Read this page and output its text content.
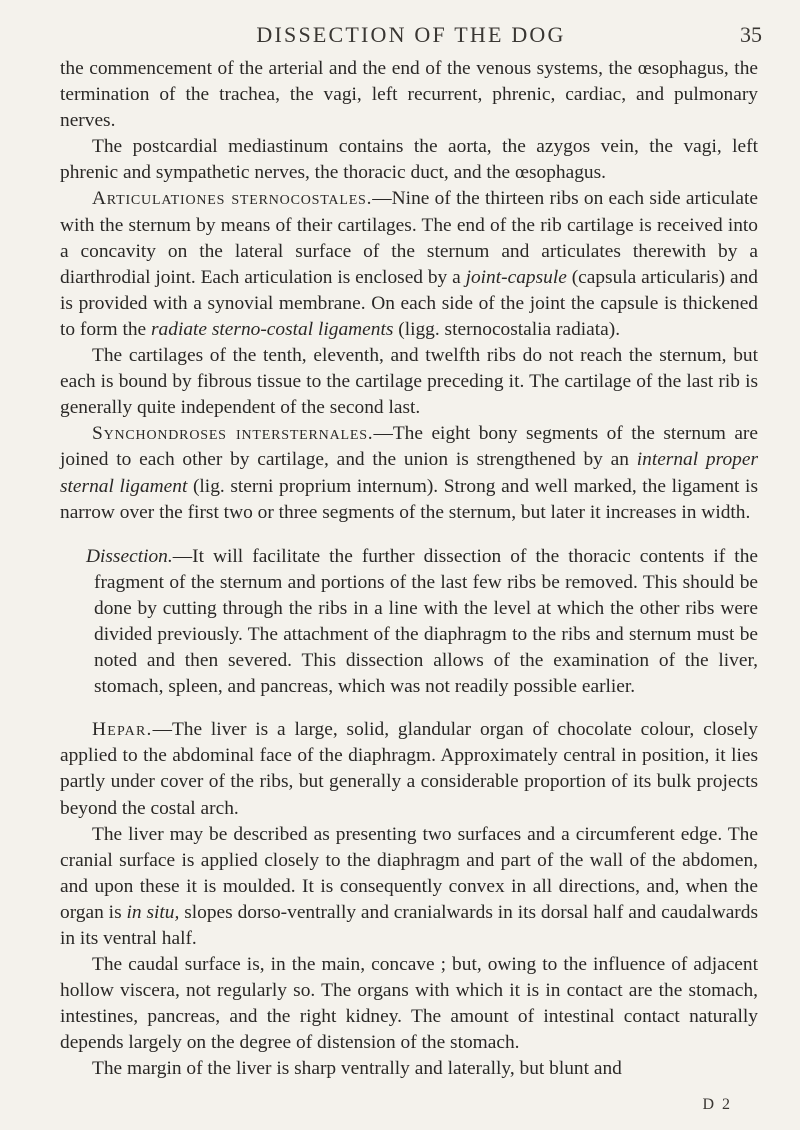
DISSECTION OF THE DOG	35

the commencement of the arterial and the end of the venous systems, the œsophagus, the termination of the trachea, the vagi, left recurrent, phrenic, cardiac, and pulmonary nerves.

The postcardial mediastinum contains the aorta, the azygos vein, the vagi, left phrenic and sympathetic nerves, the thoracic duct, and the œsophagus.

Articulationes sternocostales.—Nine of the thirteen ribs on each side articulate with the sternum by means of their cartilages. The end of the rib cartilage is received into a concavity on the lateral surface of the sternum and articulates therewith by a diarthrodial joint. Each articulation is enclosed by a joint-capsule (capsula articularis) and is provided with a synovial membrane. On each side of the joint the capsule is thickened to form the radiate sterno-costal ligaments (ligg. sternocostalia radiata).

The cartilages of the tenth, eleventh, and twelfth ribs do not reach the sternum, but each is bound by fibrous tissue to the cartilage preceding it. The cartilage of the last rib is generally quite independent of the second last.

Synchondroses intersternales.—The eight bony segments of the sternum are joined to each other by cartilage, and the union is strengthened by an internal proper sternal ligament (lig. sterni proprium internum). Strong and well marked, the ligament is narrow over the first two or three segments of the sternum, but later it increases in width.

Dissection.—It will facilitate the further dissection of the thoracic contents if the fragment of the sternum and portions of the last few ribs be removed. This should be done by cutting through the ribs in a line with the level at which the other ribs were divided previously. The attachment of the diaphragm to the ribs and sternum must be noted and then severed. This dissection allows of the examination of the liver, stomach, spleen, and pancreas, which was not readily possible earlier.

Hepar.—The liver is a large, solid, glandular organ of chocolate colour, closely applied to the abdominal face of the diaphragm. Approximately central in position, it lies partly under cover of the ribs, but generally a considerable proportion of its bulk projects beyond the costal arch.

The liver may be described as presenting two surfaces and a circumferent edge. The cranial surface is applied closely to the diaphragm and part of the wall of the abdomen, and upon these it is moulded. It is consequently convex in all directions, and, when the organ is in situ, slopes dorso-ventrally and cranialwards in its dorsal half and caudalwards in its ventral half.

The caudal surface is, in the main, concave ; but, owing to the influence of adjacent hollow viscera, not regularly so. The organs with which it is in contact are the stomach, intestines, pancreas, and the right kidney. The amount of intestinal contact naturally depends largely on the degree of distension of the stomach.

The margin of the liver is sharp ventrally and laterally, but blunt and

D 2
